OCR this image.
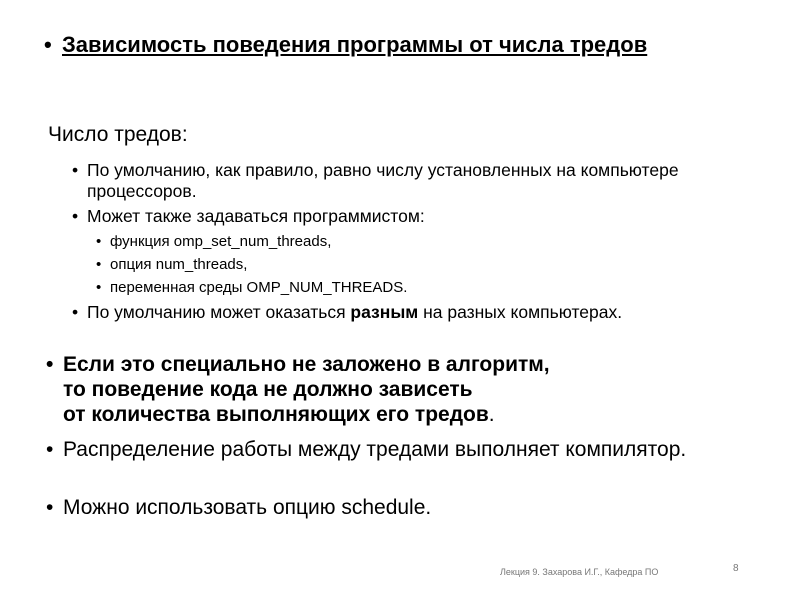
• Зависимость поведения программы от числа тредов
Число тредов:
• По умолчанию, как правило, равно числу установленных на компьютере процессоров.
• Может также задаваться программистом:
• функция omp_set_num_threads,
• опция num_threads,
• переменная среды OMP_NUM_THREADS.
• По умолчанию может оказаться разным на разных компьютерах.
• Если это специально не заложено в алгоритм,
то поведение кода не должно зависеть
от количества выполняющих его тредов.
• Распределение работы между тредами выполняет компилятор.
• Можно использовать опцию schedule.
Лекция 9. Захарова И.Г., Кафедра ПО	8
